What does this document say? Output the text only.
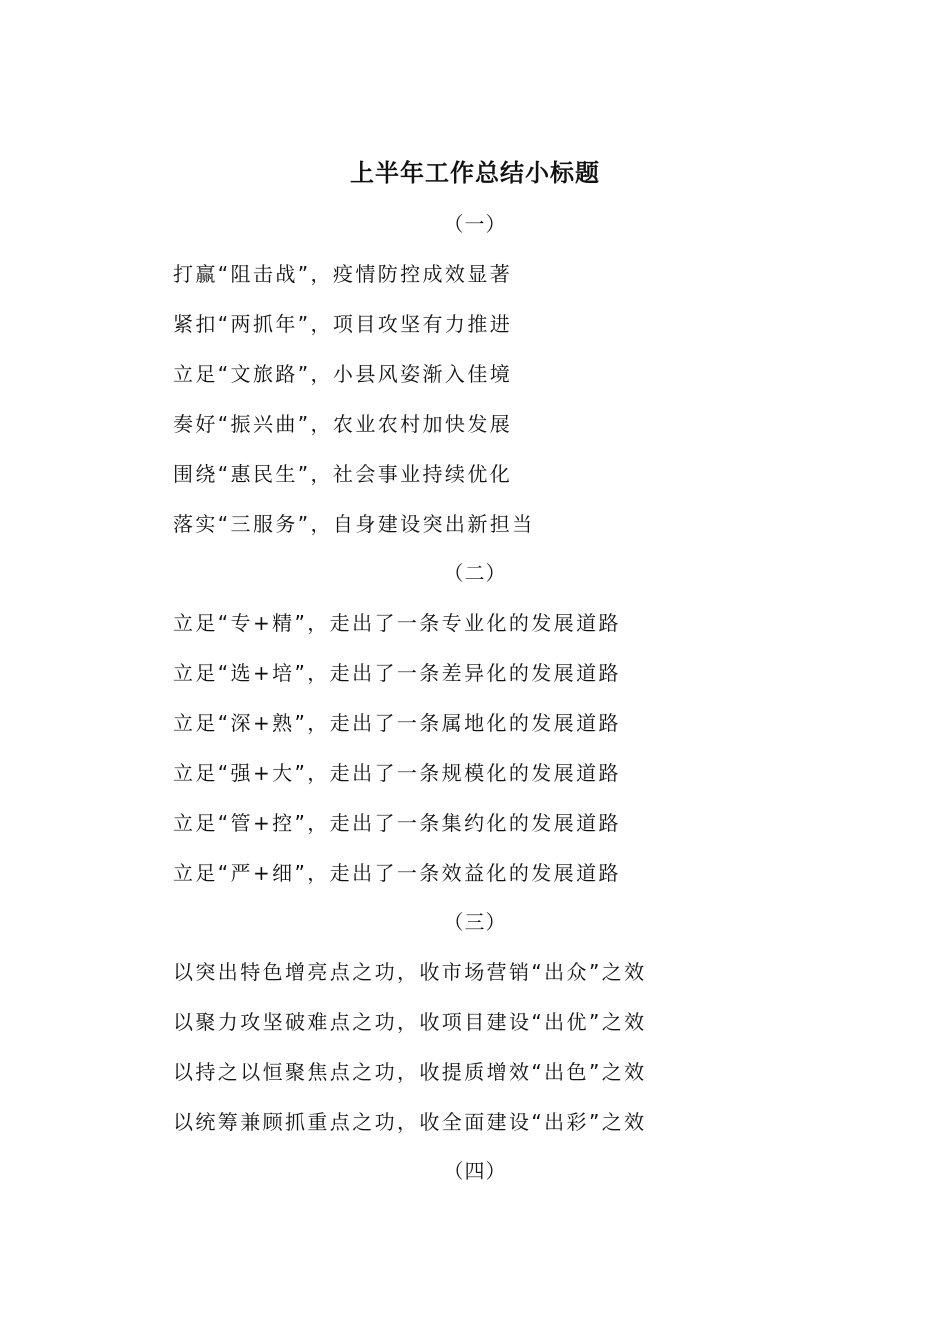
上半年工作总结小标题
（一）
打赢“阻击战”，疫情防控成效显著
紧扣“两抓年”，项目攻坚有力推进
立足“文旅路”，小县风姿渐入佳境
奏好“振兴曲”，农业农村加快发展
围绕“惠民生”，社会事业持续优化
落实“三服务”，自身建设突出新担当
（二）
立足“专+精”，走出了一条专业化的发展道路
立足“选+培”，走出了一条差异化的发展道路
立足“深+熟”，走出了一条属地化的发展道路
立足“强+大”，走出了一条规模化的发展道路
立足“管+控”，走出了一条集约化的发展道路
立足“严+细”，走出了一条效益化的发展道路
（三）
以突出特色增亮点之功，收市场营销“出众”之效
以聚力攻坚破难点之功，收项目建设“出优”之效
以持之以恒聚焦点之功，收提质增效“出色”之效
以统筹兼顾抓重点之功，收全面建设“出彩”之效
（四）
